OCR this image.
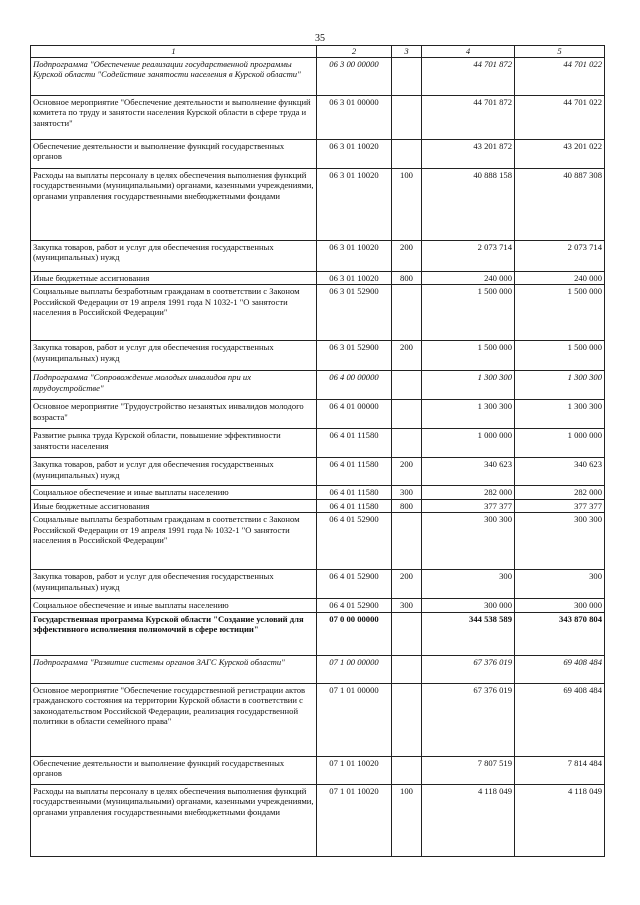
35
1	2	3	4	5
Подпрограмма "Обеспечение реализации государственной программы Курской области "Содействие занятости населения в Курской области"	06 3 00 00000		44 701 872	44 701 022
Основное мероприятие "Обеспечение деятельности и выполнение функций комитета по труду и занятости населения Курской области в сфере труда и занятости"	06 3 01 00000		44 701 872	44 701 022
Обеспечение деятельности и выполнение функций государственных органов	06 3 01 10020		43 201 872	43 201 022
Расходы на выплаты персоналу в целях обеспечения выполнения функций государственными (муниципальными) органами, казенными учреждениями, органами управления государственными внебюджетными фондами	06 3 01 10020	100	40 888 158	40 887 308
Закупка товаров, работ и услуг для обеспечения государственных (муниципальных) нужд	06 3 01 10020	200	2 073 714	2 073 714
Иные бюджетные ассигнования	06 3 01 10020	800	240 000	240 000
Социальные выплаты безработным гражданам в соответствии с Законом Российской Федерации от 19 апреля 1991 года N 1032-1 "О занятости населения в Российской Федерации"	06 3 01 52900		1 500 000	1 500 000
Закупка товаров, работ и услуг для обеспечения государственных (муниципальных) нужд	06 3 01 52900	200	1 500 000	1 500 000
Подпрограмма "Сопровождение молодых инвалидов при их трудоустройстве"	06 4 00 00000		1 300 300	1 300 300
Основное мероприятие "Трудоустройство незанятых инвалидов молодого возраста"	06 4 01 00000		1 300 300	1 300 300
Развитие рынка труда Курской области, повышение эффективности занятости населения	06 4 01 11580		1 000 000	1 000 000
Закупка товаров, работ и услуг для обеспечения государственных (муниципальных) нужд	06 4 01 11580	200	340 623	340 623
Социальное обеспечение и иные выплаты населению	06 4 01 11580	300	282 000	282 000
Иные бюджетные ассигнования	06 4 01 11580	800	377 377	377 377
Социальные выплаты безработным гражданам в соответствии с Законом Российской Федерации от 19 апреля 1991 года № 1032-1 "О занятости населения в Российской Федерации"	06 4 01 52900		300 300	300 300
Закупка товаров, работ и услуг для обеспечения государственных (муниципальных) нужд	06 4 01 52900	200	300	300
Социальное обеспечение и иные выплаты населению	06 4 01 52900	300	300 000	300 000
Государственная программа Курской области "Создание условий для эффективного исполнения полномочий в сфере юстиции"	07 0 00 00000		344 538 589	343 870 804
Подпрограмма "Развитие системы органов ЗАГС Курской области"	07 1 00 00000		67 376 019	69 408 484
Основное мероприятие "Обеспечение государственной регистрации актов гражданского состояния на территории Курской области в соответствии с законодательством Российской Федерации, реализация государственной политики в области семейного права"	07 1 01 00000		67 376 019	69 408 484
Обеспечение деятельности и выполнение функций государственных органов	07 1 01 10020		7 807 519	7 814 484
Расходы на выплаты персоналу в целях обеспечения выполнения функций государственными (муниципальными) органами, казенными учреждениями, органами управления государственными внебюджетными фондами	07 1 01 10020	100	4 118 049	4 118 049
